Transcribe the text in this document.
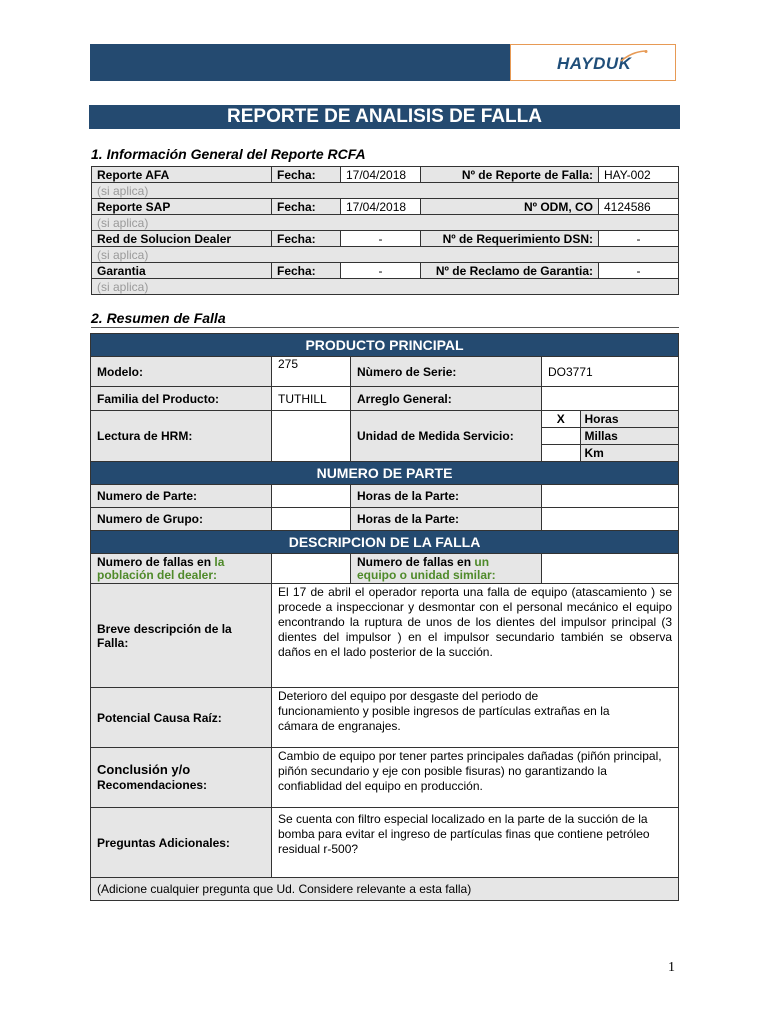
HAYDUK
REPORTE DE ANALISIS DE FALLA
1. Información General del Reporte RCFA
Reporte AFA	Fecha:	17/04/2018	Nº de Reporte de Falla:	HAY-002
(si aplica)				
Reporte SAP	Fecha:	17/04/2018	Nº ODM, CO	4124586
(si aplica)				
Red de Solucion Dealer	Fecha:	-	Nº de Requerimiento DSN:	-
(si aplica)				
Garantia	Fecha:	-	Nº de Reclamo de Garantia:	-
(si aplica)				
2. Resumen de Falla
PRODUCTO PRINCIPAL
Modelo:	275	Nùmero de Serie:	DO3771
Familia del Producto:	TUTHILL	Arreglo General:	
Lectura de HRM:		Unidad de Medida Servicio:	
X	Horas
	Millas
	Km

NUMERO DE PARTE
Numero de Parte:		Horas de la Parte:	
Numero de Grupo:		Horas de la Parte:	
DESCRIPCION DE LA FALLA
Numero de fallas en la
población del dealer:		Numero de fallas en un
equipo o unidad similar:	
Breve descripción de la Falla:	El 17 de abril el operador reporta una falla de equipo (atascamiento ) se procede a inspeccionar y desmontar con el personal mecánico el equipo encontrando la ruptura de unos de los dientes del impulsor principal (3 dientes del impulsor ) en el impulsor secundario también se observa daños en el lado posterior de la succión.
Potencial Causa Raíz:	Deterioro del equipo por desgaste del periodo de funcionamiento y posible ingresos de partículas extrañas en la cámara de engranajes.
Conclusión y/o
Recomendaciones:	Cambio de equipo por tener partes principales dañadas (piñón principal, piñón secundario y eje con posible fisuras) no garantizando la confiablidad del equipo en producción.
Preguntas Adicionales:	Se cuenta con filtro especial localizado en la parte de la succión de la bomba para evitar el ingreso de partículas finas que contiene petróleo residual r-500?
(Adicione cualquier pregunta que Ud. Considere relevante a esta falla)
1
